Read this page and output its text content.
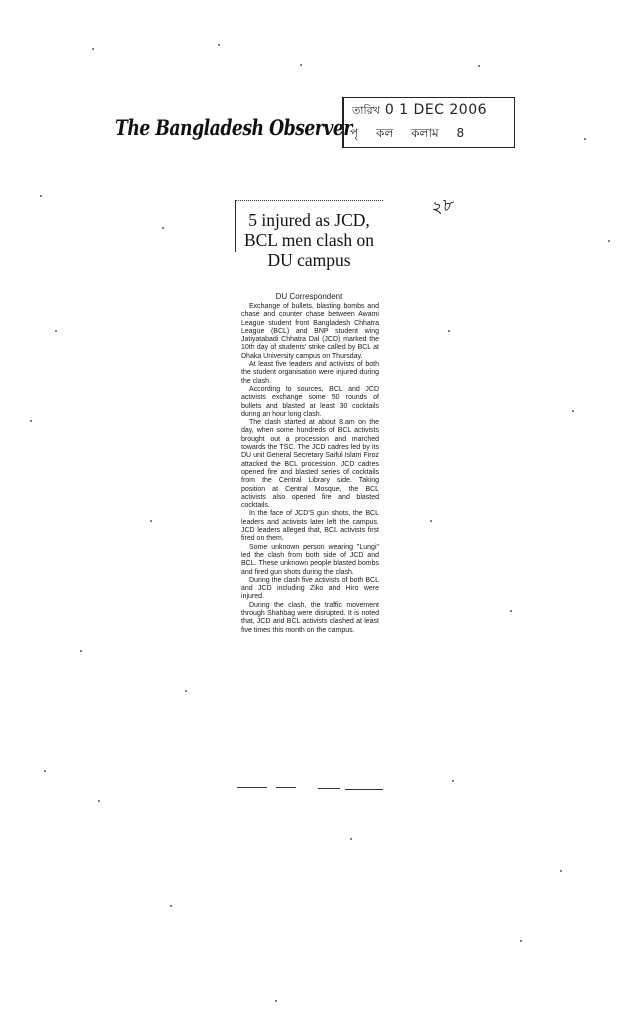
The Bangladesh Observer
তারিখ 0 1 DEC 2006
পৃ কল কলাম 8
২৮
5 injured as JCD, BCL men clash on DU campus
DU Correspondent

Exchange of bullets, blasting bombs and chase and counter chase between Awami League student front Bangladesh Chhatra League (BCL) and BNP student wing Jatiyatabadi Chhatra Dal (JCD) marked the 10th day of students' strike called by BCL at Dhaka University campus on Thursday.

At least five leaders and activists of both the student organisation were injured during the clash.

According to sources, BCL and JCD activists exchange some 50 rounds of bullets and blasted at least 30 cocktails during an hour long clash.

The clash started at about 8.am on the day, when some hundreds of BCL activists brought out a procession and marched towards the TSC. The JCD cadres led by its DU unit General Secretary Saiful Islam Firoz attacked the BCL procession. JCD cadres opened fire and blasted series of cocktails from the Central Library side. Taking position at Central Mosque, the BCL activists also opened fire and blasted cocktails.

In the face of JCD'S gun shots, the BCL leaders and activists later left the campus. JCD leaders alleged that, BCL activists first fired on them.

Some unknown person wearing "Lungi" led the clash from both side of JCD and BCL. These unknown people blasted bombs and fired gun shots during the clash.

During the clash five activists of both BCL and JCD including Ziko and Hiro were injured.

During the clash, the traffic movement through Shahbag were disrupted. It is noted that, JCD and BCL activists clashed at least five times this month on the campus.
